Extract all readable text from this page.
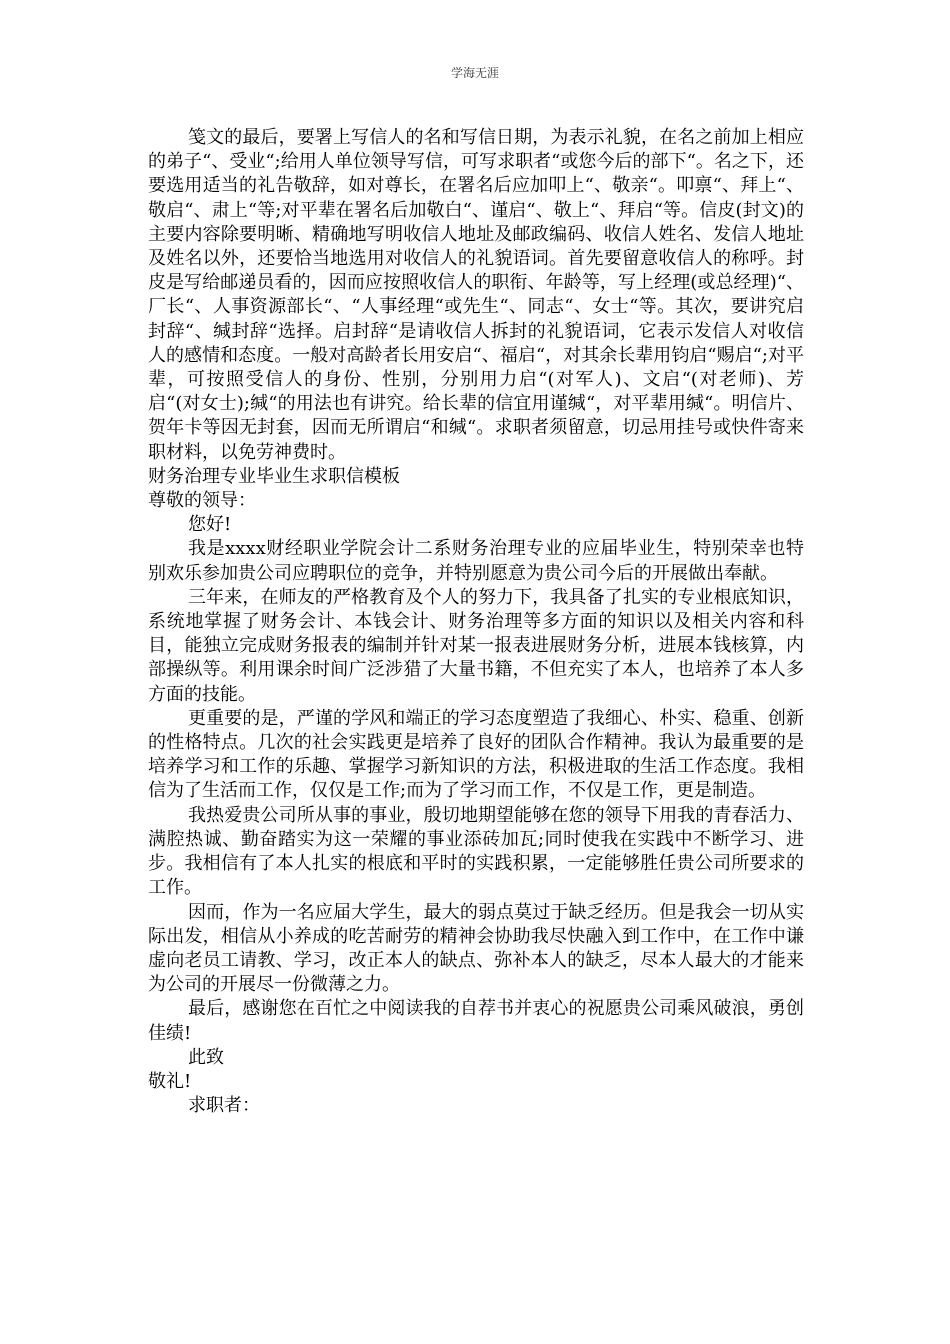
学海无涯

笺文的最后，要署上写信人的名和写信日期，为表示礼貌，在名之前加上相应的弟子“、受业“;给用人单位领导写信，可写求职者“或您今后的部下“。名之下，还要选用适当的礼告敬辞，如对尊长，在署名后应加叩上“、敬亲“。叩禀“、拜上“、敬启“、肃上“等;对平辈在署名后加敬白“、谨启“、敬上“、拜启“等。信皮(封文)的主要内容除要明晰、精确地写明收信人地址及邮政编码、收信人姓名、发信人地址及姓名以外，还要恰当地选用对收信人的礼貌语词。首先要留意收信人的称呼。封皮是写给邮递员看的，因而应按照收信人的职衔、年龄等，写上经理(或总经理)“、厂长“、人事资源部长“、“人事经理“或先生“、同志“、女士“等。其次，要讲究启封辞“、缄封辞“选择。启封辞“是请收信人拆封的礼貌语词，它表示发信人对收信人的感情和态度。一般对高龄者长用安启“、福启“，对其余长辈用钧启“赐启“;对平辈，可按照受信人的身份、性别，分别用力启“(对军人)、文启“(对老师)、芳启“(对女士);缄“的用法也有讲究。给长辈的信宜用谨缄“，对平辈用缄“。明信片、贺年卡等因无封套，因而无所谓启“和缄“。求职者须留意，切忌用挂号或快件寄来职材料，以免劳神费时。

财务治理专业毕业生求职信模板

尊敬的领导：

您好!

我是xxxx财经职业学院会计二系财务治理专业的应届毕业生，特别荣幸也特别欢乐参加贵公司应聘职位的竞争，并特别愿意为贵公司今后的开展做出奉献。

三年来，在师友的严格教育及个人的努力下，我具备了扎实的专业根底知识，系统地掌握了财务会计、本钱会计、财务治理等多方面的知识以及相关内容和科目，能独立完成财务报表的编制并针对某一报表进展财务分析，进展本钱核算，内部操纵等。利用课余时间广泛涉猎了大量书籍，不但充实了本人，也培养了本人多方面的技能。

更重要的是，严谨的学风和端正的学习态度塑造了我细心、朴实、稳重、创新的性格特点。几次的社会实践更是培养了良好的团队合作精神。我认为最重要的是培养学习和工作的乐趣、掌握学习新知识的方法，积极进取的生活工作态度。我相信为了生活而工作，仅仅是工作;而为了学习而工作，不仅是工作，更是制造。

我热爱贵公司所从事的事业，殷切地期望能够在您的领导下用我的青春活力、满腔热诚、勤奋踏实为这一荣耀的事业添砖加瓦;同时使我在实践中不断学习、进步。我相信有了本人扎实的根底和平时的实践积累，一定能够胜任贵公司所要求的工作。

因而，作为一名应届大学生，最大的弱点莫过于缺乏经历。但是我会一切从实际出发，相信从小养成的吃苦耐劳的精神会协助我尽快融入到工作中，在工作中谦虚向老员工请教、学习，改正本人的缺点、弥补本人的缺乏，尽本人最大的才能来为公司的开展尽一份微薄之力。

最后，感谢您在百忙之中阅读我的自荐书并衷心的祝愿贵公司乘风破浪，勇创佳绩!

此致

敬礼!

求职者：
